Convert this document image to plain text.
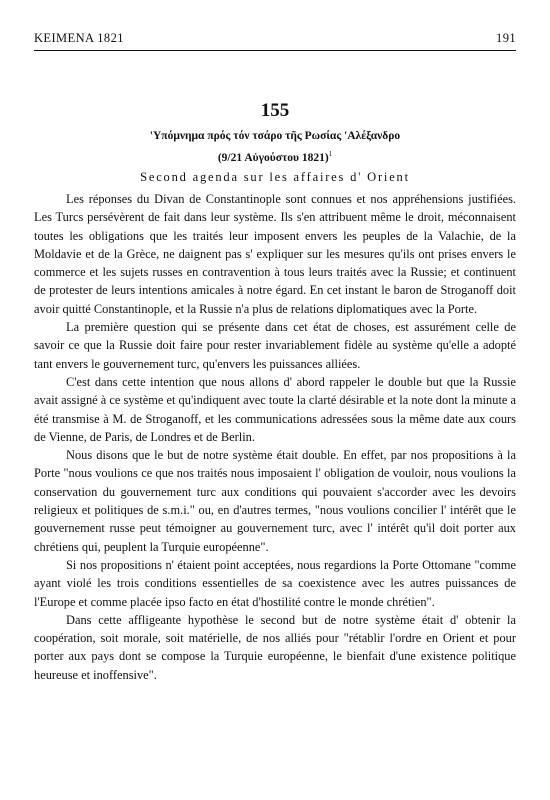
KEIMENA 1821	191
155
'Υπόμνημα πρός τόν τσάρο τῆς Ρωσίας 'Αλέξανδρο
(9/21 Αὐγούστου 1821)$^1$
Second agenda sur les affaires d' Orient

Les réponses du Divan de Constantinople sont connues et nos appréhensions justifiées. Les Turcs persévèrent de fait dans leur système. Ils s'en attribuent même le droit, méconnaisent toutes les obligations que les traités leur imposent envers les peuples de la Valachie, de la Moldavie et de la Grèce, ne daignent pas s' expliquer sur les mesures qu'ils ont prises envers le commerce et les sujets russes en contravention à tous leurs traités avec la Russie; et continuent de protester de leurs intentions amicales à notre égard. En cet instant le baron de Stroganoff doit avoir quitté Constantinople, et la Russie n'a plus de relations diplomatiques avec la Porte.

La première question qui se présente dans cet état de choses, est assurément celle de savoir ce que la Russie doit faire pour rester invariablement fidèle au système qu'elle a adopté tant envers le gouvernement turc, qu'envers les puissances alliées.

C'est dans cette intention que nous allons d' abord rappeler le double but que la Russie avait assigné à ce système et qu'indiquent avec toute la clarté désirable et la note dont la minute a été transmise à M. de Stroganoff, et les communications adressées sous la même date aux cours de Vienne, de Paris, de Londres et de Berlin.

Nous disons que le but de notre système était double. En effet, par nos propositions à la Porte "nous voulions ce que nos traités nous imposaient l' obligation de vouloir, nous voulions la conservation du gouvernement turc aux conditions qui pouvaient s'accorder avec les devoirs religieux et politiques de s.m.i." ou, en d'autres termes, "nous voulions concilier l' intérêt que le gouvernement russe peut témoigner au gouvernement turc, avec l' intérêt qu'il doit porter aux chrétiens qui, peuplent la Turquie européenne".

Si nos propositions n' étaient point acceptées, nous regardions la Porte Ottomane "comme ayant violé les trois conditions essentielles de sa coexistence avec les autres puissances de l'Europe et comme placée ipso facto en état d'hostilité contre le monde chrétien".

Dans cette affligeante hypothèse le second but de notre système était d' obtenir la coopération, soit morale, soit matérielle, de nos alliés pour "rétablir l'ordre en Orient et pour porter aux pays dont se compose la Turquie européenne, le bienfait d'une existence politique heureuse et inoffensive".
